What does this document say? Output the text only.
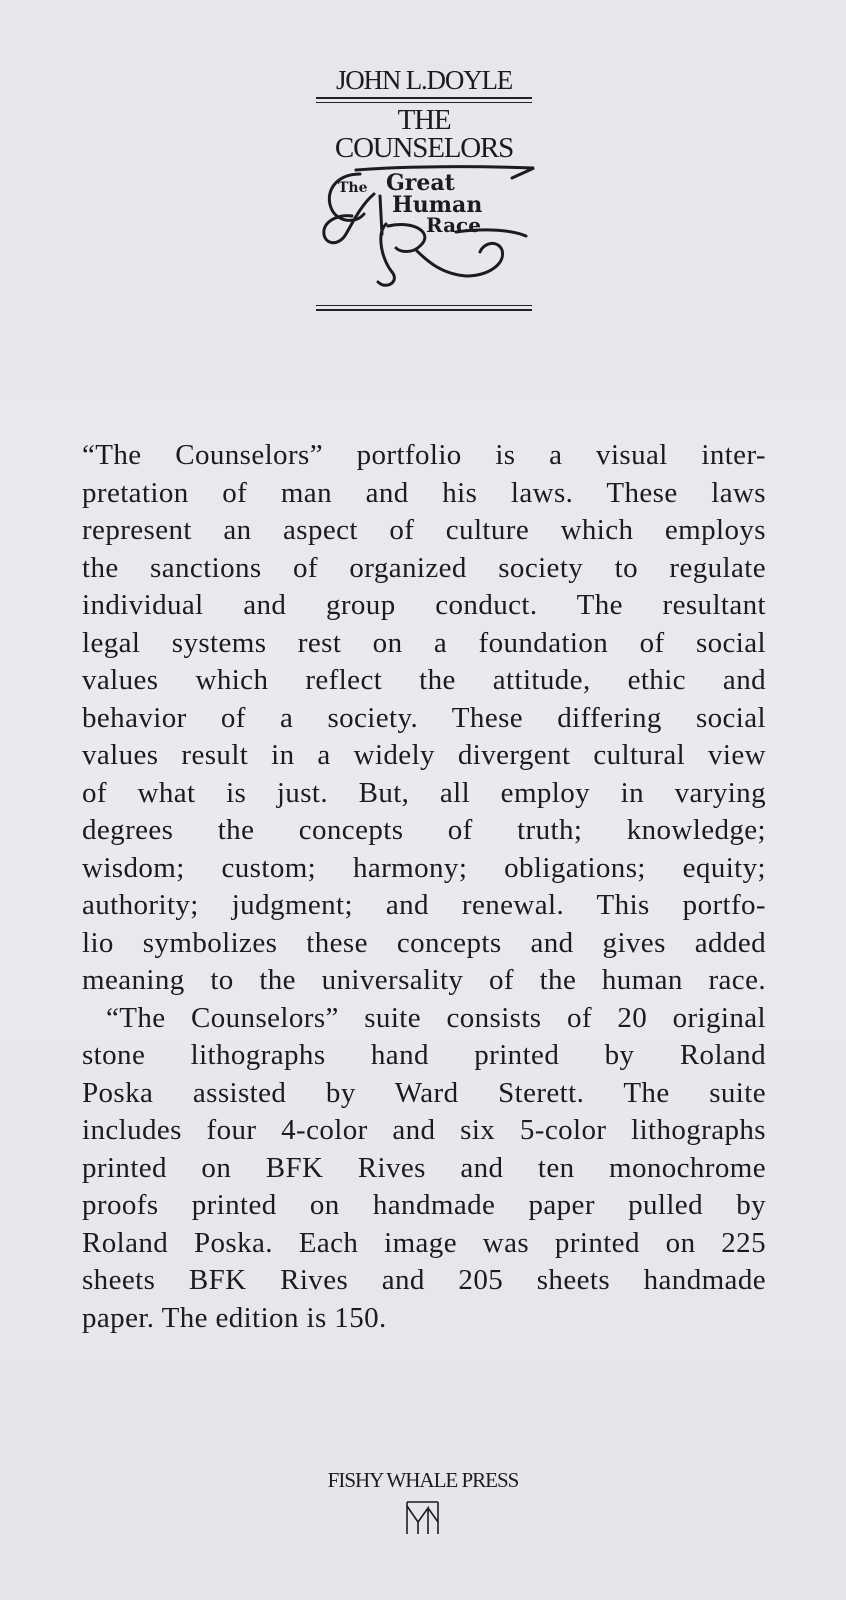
JOHN L.DOYLE
THE
COUNSELORS
The Great
Human
Race
“The Counselors” portfolio is a visual inter-
pretation of man and his laws. These laws
represent an aspect of culture which employs
the sanctions of organized society to regulate
individual and group conduct. The resultant
legal systems rest on a foundation of social
values which reflect the attitude, ethic and
behavior of a society. These differing social
values result in a widely divergent cultural view
of what is just. But, all employ in varying
degrees the concepts of truth; knowledge;
wisdom; custom; harmony; obligations; equity;
authority; judgment; and renewal. This portfo-
lio symbolizes these concepts and gives added
meaning to the universality of the human race.
“The Counselors” suite consists of 20 original
stone lithographs hand printed by Roland
Poska assisted by Ward Sterett. The suite
includes four 4-color and six 5-color lithographs
printed on BFK Rives and ten monochrome
proofs printed on handmade paper pulled by
Roland Poska. Each image was printed on 225
sheets BFK Rives and 205 sheets handmade
paper. The edition is 150.
FISHY WHALE PRESS
